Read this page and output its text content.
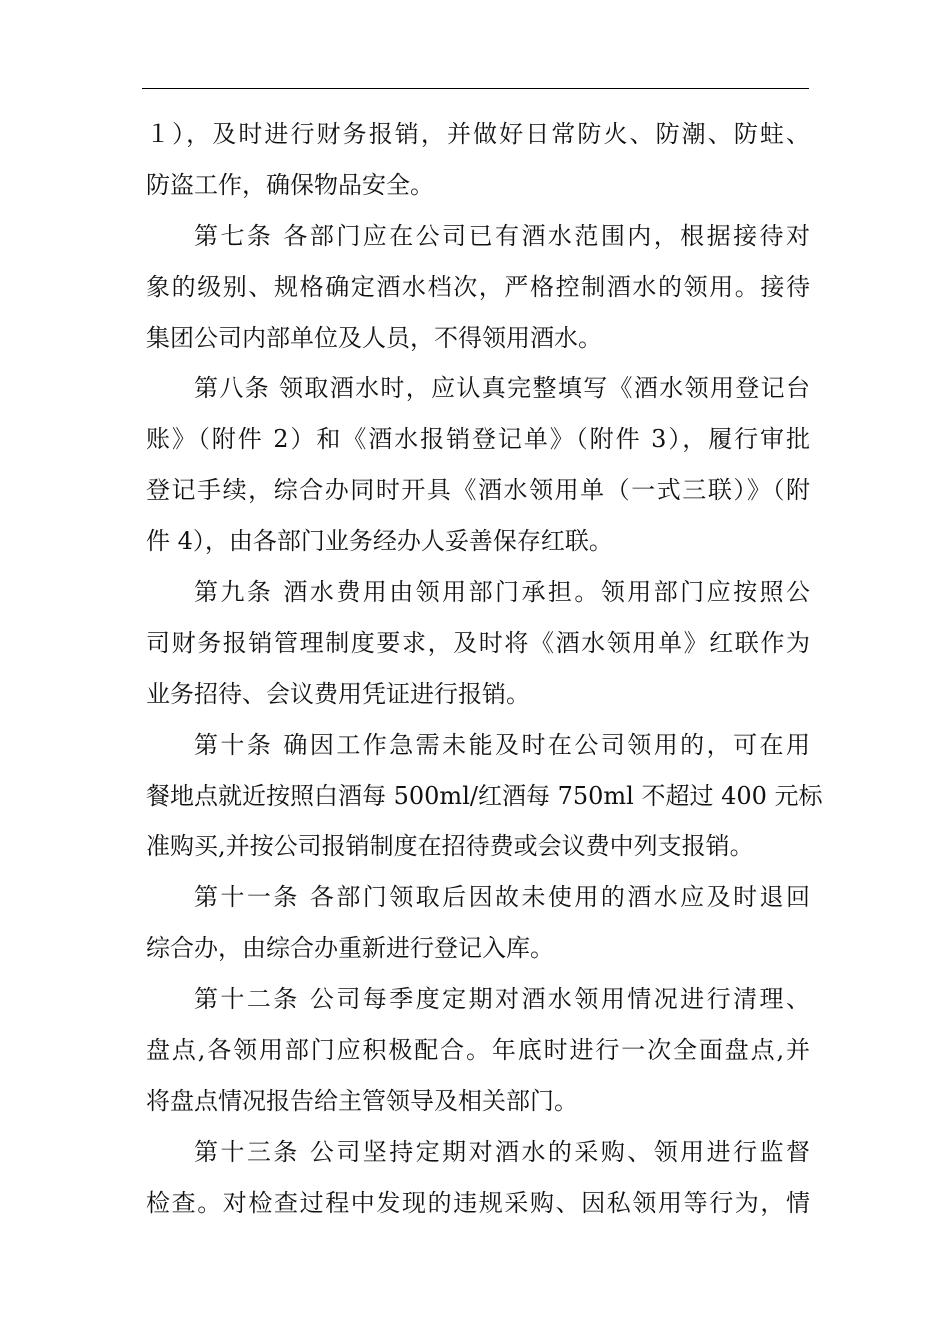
１），及时进行财务报销，并做好日常防火、防潮、防蛀、
防盗工作，确保物品安全。
第七条 各部门应在公司已有酒水范围内，根据接待对
象的级别、规格确定酒水档次，严格控制酒水的领用。接待
集团公司内部单位及人员，不得领用酒水。
第八条 领取酒水时，应认真完整填写《酒水领用登记台
账》（附件 2）和《酒水报销登记单》（附件 3），履行审批
登记手续，综合办同时开具《酒水领用单（一式三联）》（附
件 4），由各部门业务经办人妥善保存红联。
第九条 酒水费用由领用部门承担。领用部门应按照公
司财务报销管理制度要求，及时将《酒水领用单》红联作为
业务招待、会议费用凭证进行报销。
第十条 确因工作急需未能及时在公司领用的，可在用
餐地点就近按照白酒每 500ml/红酒每 750ml 不超过 400 元标
准购买,并按公司报销制度在招待费或会议费中列支报销。
第十一条 各部门领取后因故未使用的酒水应及时退回
综合办，由综合办重新进行登记入库。
第十二条 公司每季度定期对酒水领用情况进行清理、
盘点,各领用部门应积极配合。年底时进行一次全面盘点,并
将盘点情况报告给主管领导及相关部门。
第十三条 公司坚持定期对酒水的采购、领用进行监督
检查。对检查过程中发现的违规采购、因私领用等行为，情
